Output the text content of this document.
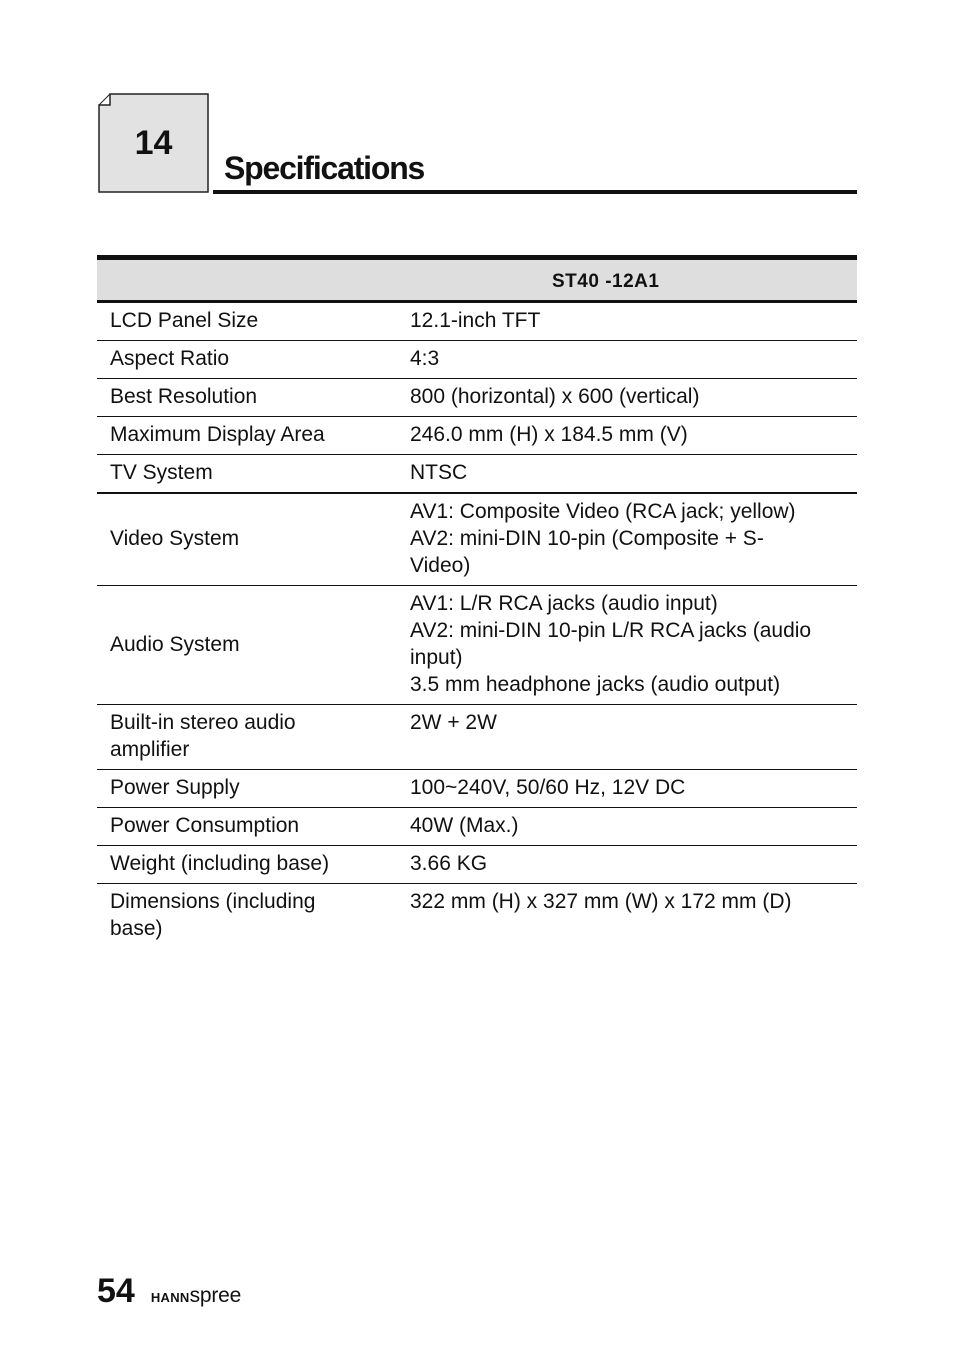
14
Specifications
	ST40 -12A1
LCD Panel Size	12.1-inch TFT

Aspect Ratio	4:3

Best Resolution	800 (horizontal) x 600 (vertical)

Maximum Display Area	246.0 mm (H) x 184.5 mm (V)

TV System	NTSC

Video System	AV1: Composite Video (RCA jack; yellow)
AV2: mini-DIN 10-pin (Composite + S-
Video)

Audio System	AV1: L/R RCA jacks (audio input)
AV2: mini-DIN 10-pin L/R RCA jacks (audio
input)
3.5 mm headphone jacks (audio output)

Built-in stereo audio
amplifier	2W + 2W

Power Supply	100~240V, 50/60 Hz, 12V DC

Power Consumption	40W (Max.)

Weight (including base)	3.66 KG

Dimensions (including
base)	322 mm (H) x 327 mm (W) x 172 mm (D)
54 HANNspree
